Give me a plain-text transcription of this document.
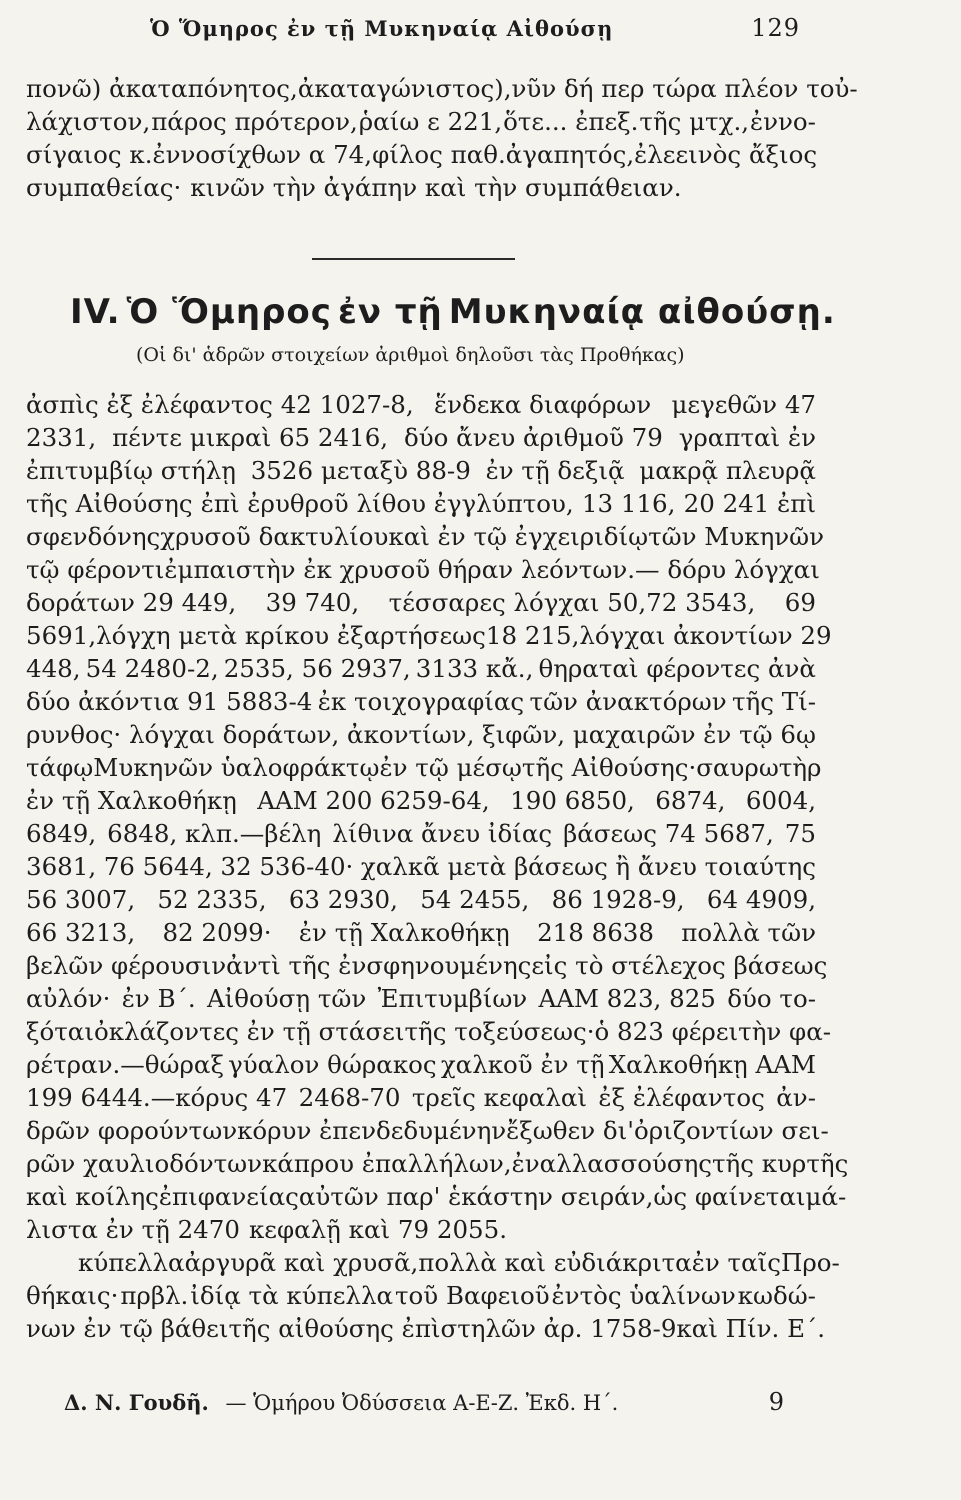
Ὁ Ὅμηρος ἐν τῇ Μυκηναίᾳ Αἰθούσῃ	129
πονῶ) ἀκαταπόνητος, ἀκαταγώνιστος), νῦν δή περ τώρα πλέον τοὐ-
λάχιστον, πάρος πρότερον, ῥαίω ε 221, ὅτε... ἐπεξ. τῆς μτχ., ἐννο-
σίγαιος κ. ἐννοσίχθων α 74, φίλος παθ. ἀγαπητός, ἐλεεινὸς ἄξιος
συμπαθείας· κινῶν τὴν ἀγάπην καὶ τὴν συμπάθειαν.
IV. Ὁ Ὅμηρος ἐν τῇ Μυκηναίᾳ αἰθούσῃ.
(Οἱ δι' ἁδρῶν στοιχείων ἀριθμοὶ δηλοῦσι τὰς Προθήκας)
ἀσπὶς ἐξ ἐλέφαντος 42 1027-8, ἕνδεκα διαφόρων μεγεθῶν 47
2331, πέντε μικραὶ 65 2416, δύο ἄνευ ἀριθμοῦ 79 γραπταὶ ἐν
ἐπιτυμβίῳ στήλῃ 3526 μεταξὺ 88-9 ἐν τῇ δεξιᾷ μακρᾷ πλευρᾷ
τῆς Αἰθούσης ἐπὶ ἐρυθροῦ λίθου ἐγγλύπτου, 13 116, 20 241 ἐπὶ
σφενδόνης χρυσοῦ δακτυλίου καὶ ἐν τῷ ἐγχειριδίῳ τῶν Μυκηνῶν
τῷ φέροντι ἐμπαιστὴν ἐκ χρυσοῦ θήραν λεόντων. — δόρυ λόγχαι
δοράτων 29 449, 39 740, τέσσαρες λόγχαι 50,72 3543, 69
5691, λόγχη μετὰ κρίκου ἐξαρτήσεως 18 215, λόγχαι ἀκοντίων 29
448, 54 2480-2, 2535, 56 2937, 3133 κἄ., θηραταὶ φέροντες ἀνὰ
δύο ἀκόντια 91 5883-4 ἐκ τοιχογραφίας τῶν ἀνακτόρων τῆς Τί-
ρυνθος· λόγχαι δοράτων, ἀκοντίων, ξιφῶν, μαχαιρῶν ἐν τῷ 6ῳ
τάφῳ Μυκηνῶν ὑαλοφράκτῳ ἐν τῷ μέσῳ τῆς Αἰθούσης· σαυρωτὴρ
ἐν τῇ Χαλκοθήκῃ ΑΑΜ 200 6259-64, 190 6850, 6874, 6004,
6849, 6848, κλπ.—βέλη λίθινα ἄνευ ἰδίας βάσεως 74 5687, 75
3681, 76 5644, 32 536-40· χαλκᾶ μετὰ βάσεως ἢ ἄνευ τοιαύτης
56 3007, 52 2335, 63 2930, 54 2455, 86 1928-9, 64 4909,
66 3213, 82 2099· ἐν τῇ Χαλκοθήκῃ 218 8638 πολλὰ τῶν
βελῶν φέρουσιν ἀντὶ τῆς ἐνσφηνουμένης εἰς τὸ στέλεχος βάσεως
αὐλόν· ἐν Β΄. Αἰθούσῃ τῶν Ἐπιτυμβίων ΑΑΜ 823, 825 δύο το-
ξόται ὀκλάζοντες ἐν τῇ στάσει τῆς τοξεύσεως· ὁ 823 φέρει τὴν φα-
ρέτραν.—θώραξ γύαλον θώρακος χαλκοῦ ἐν τῇ Χαλκοθήκῃ ΑΑΜ
199 6444.—κόρυς 47 2468-70 τρεῖς κεφαλαὶ ἐξ ἐλέφαντος ἀν-
δρῶν φορούντων κόρυν ἐπενδεδυμένην ἔξωθεν δι' ὀριζοντίων σει-
ρῶν χαυλιοδόντων κάπρου ἐπαλλήλων, ἐναλλασσούσης τῆς κυρτῆς
καὶ κοίλης ἐπιφανείας αὐτῶν παρ' ἑκάστην σειράν, ὡς φαίνεται μά-
λιστα ἐν τῇ 2470 κεφαλῇ καὶ 79 2055.
κύπελλα ἀργυρᾶ καὶ χρυσᾶ, πολλὰ καὶ εὐδιάκριτα ἐν ταῖς Προ-
θήκαις· πρβλ. ἰδίᾳ τὰ κύπελλα τοῦ Βαφειοῦ ἐντὸς ὑαλίνων κωδώ-
νων ἐν τῷ βάθει τῆς αἰθούσης ἐπὶ στηλῶν ἀρ. 1758-9 καὶ Πίν. Ε΄.
Δ. Ν. Γουδῆ. — Ὁμήρου Ὀδύσσεια Α-Ε-Ζ. Ἐκδ. Η΄.	9
